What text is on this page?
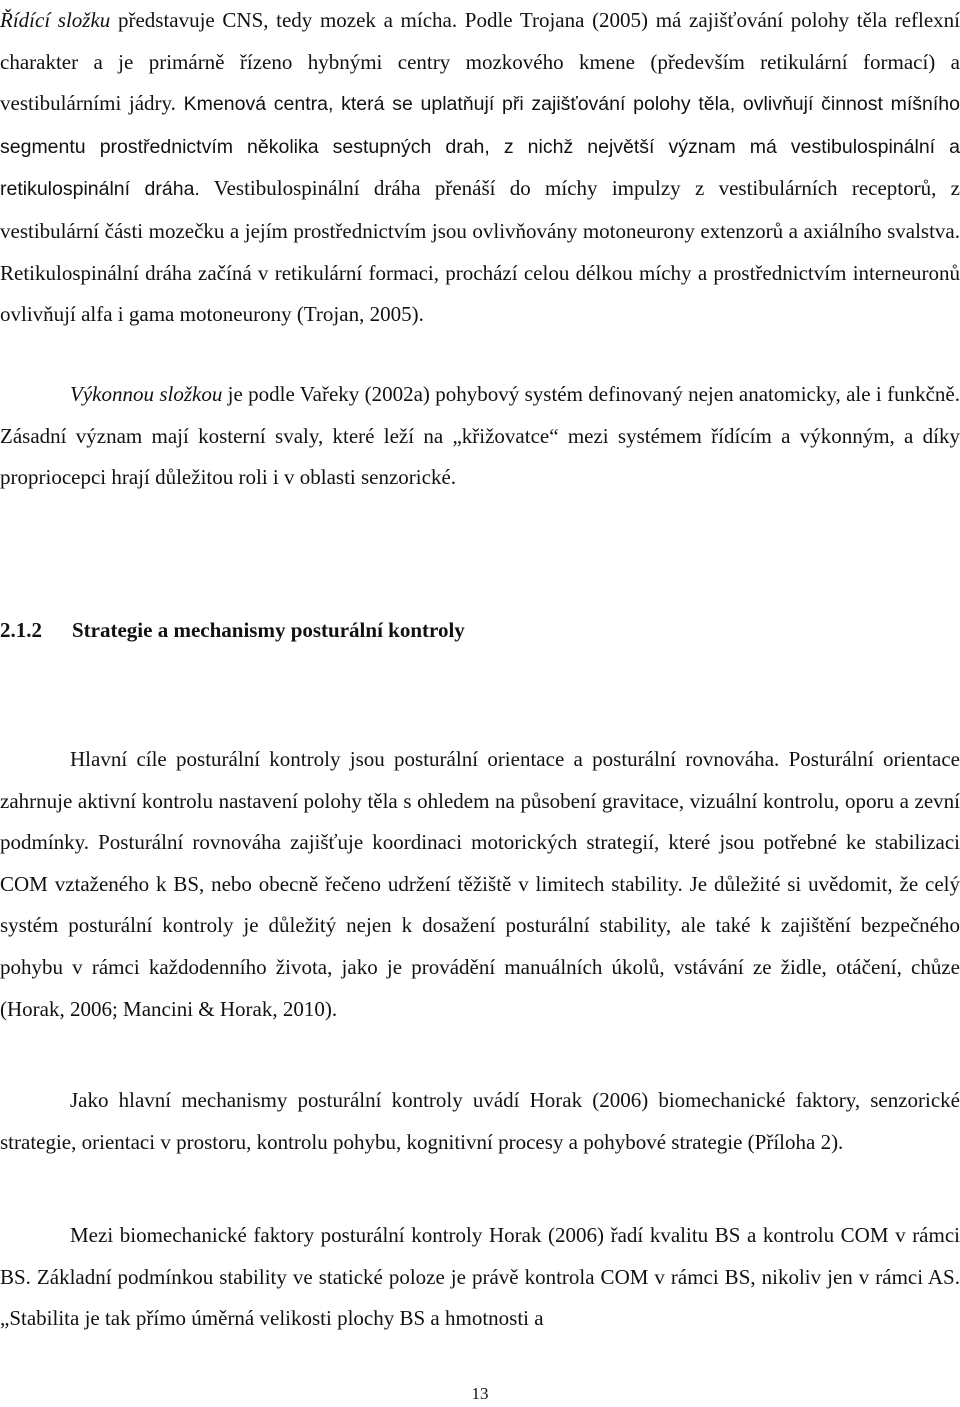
Řídící složku představuje CNS, tedy mozek a mícha. Podle Trojana (2005) má zajišťování polohy těla reflexní charakter a je primárně řízeno hybnými centry mozkového kmene (především retikulární formací) a vestibulárními jádry. Kmenová centra, která se uplatňují při zajišťování polohy těla, ovlivňují činnost míšního segmentu prostřednictvím několika sestupných drah, z nichž největší význam má vestibulospinální a retikulospinální dráha. Vestibulospinální dráha přenáší do míchy impulzy z vestibulárních receptorů, z vestibulární části mozečku a jejím prostřednictvím jsou ovlivňovány motoneurony extenzorů a axiálního svalstva. Retikulospinální dráha začíná v retikulární formaci, prochází celou délkou míchy a prostřednictvím interneuronů ovlivňují alfa i gama motoneurony (Trojan, 2005).

Výkonnou složkou je podle Vařeky (2002a) pohybový systém definovaný nejen anatomicky, ale i funkčně. Zásadní význam mají kosterní svaly, které leží na „křižovatce“ mezi systémem řídícím a výkonným, a díky propriocepci hrají důležitou roli i v oblasti senzorické.

2.1.2 Strategie a mechanismy posturální kontroly

Hlavní cíle posturální kontroly jsou posturální orientace a posturální rovnováha. Posturální orientace zahrnuje aktivní kontrolu nastavení polohy těla s ohledem na působení gravitace, vizuální kontrolu, oporu a zevní podmínky. Posturální rovnováha zajišťuje koordinaci motorických strategií, které jsou potřebné ke stabilizaci COM vztaženého k BS, nebo obecně řečeno udržení těžiště v limitech stability. Je důležité si uvědomit, že celý systém posturální kontroly je důležitý nejen k dosažení posturální stability, ale také k zajištění bezpečného pohybu v rámci každodenního života, jako je provádění manuálních úkolů, vstávání ze židle, otáčení, chůze (Horak, 2006; Mancini & Horak, 2010).

Jako hlavní mechanismy posturální kontroly uvádí Horak (2006) biomechanické faktory, senzorické strategie, orientaci v prostoru, kontrolu pohybu, kognitivní procesy a pohybové strategie (Příloha 2).

Mezi biomechanické faktory posturální kontroly Horak (2006) řadí kvalitu BS a kontrolu COM v rámci BS. Základní podmínkou stability ve statické poloze je právě kontrola COM v rámci BS, nikoliv jen v rámci AS. „Stabilita je tak přímo úměrná velikosti plochy BS a hmotnosti a

13
